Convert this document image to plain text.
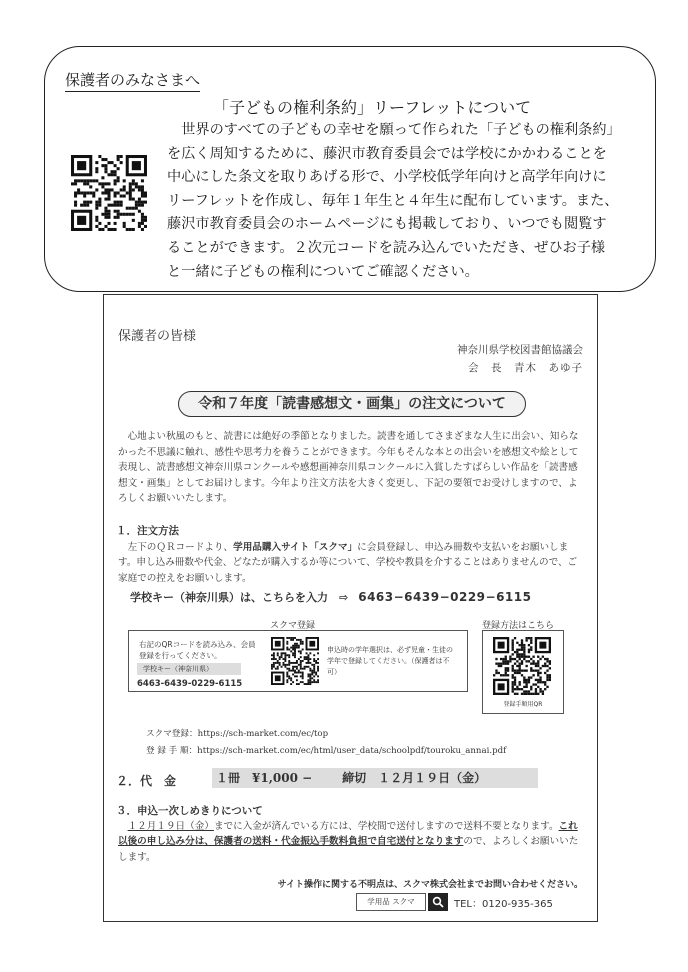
保護者のみなさまへ
「子どもの権利条約」リーフレットについて
世界のすべての子どもの幸せを願って作られた「子どもの権利条約」
を広く周知するために、藤沢市教育委員会では学校にかかわることを
中心にした条文を取りあげる形で、小学校低学年向けと高学年向けに
リーフレットを作成し、毎年１年生と４年生に配布しています。また、
藤沢市教育委員会のホームページにも掲載しており、いつでも閲覧す
ることができます。２次元コードを読み込んでいただき、ぜひお子様
と一緒に子どもの権利についてご確認ください。
保護者の皆様
神奈川県学校図書館協議会
会　長　青木　あゆ子
令和７年度「読書感想文・画集」の注文について
心地よい秋風のもと、読書には絶好の季節となりました。読書を通してさまざまな人生に出会い、知らなかった不思議に触れ、感性や思考力を養うことができます。今年もそんな本との出会いを感想文や絵として表現し、読書感想文神奈川県コンクールや感想画神奈川県コンクールに入賞したすばらしい作品を「読書感想文・画集」としてお届けします。今年より注文方法を大きく変更し、下記の要領でお受けしますので、よろしくお願いいたします。
１．注文方法
左下のＱＲコードより、学用品購入サイト「スクマ」に会員登録し、申込み冊数や支払いをお願いします。申し込み冊数や代金、どなたが購入するか等について、学校や教員を介することはありませんので、ご家庭での控えをお願いします。
学校キー（神奈川県）は、こちらを入力　⇨ 6463−6439−0229−6115
スクマ登録	登録方法はこちら
右記のQRコードを読み込み、会員登録を行ってください。
学校キー（神奈川県）
6463-6439-0229-6115
申込時の学年選択は、必ず児童・生徒の学年で登録してください。（保護者は不可）
登録手順用QR
スクマ登録：https://sch-market.com/ec/top
登 録 手 順：https://sch-market.com/ec/html/user_data/schoolpdf/touroku_annai.pdf
２．代　金	１冊　¥1,000 −	締切　１２月１９日（金）
３．申込一次しめきりについて
　１２月１９日（金）までに入金が済んでいる方には、学校間で送付しますので送料不要となります。これ以後の申し込み分は、保護者の送料・代金振込手数料負担で自宅送付となりますので、よろしくお願いいたします。
サイト操作に関する不明点は、スクマ株式会社までお問い合わせください。
学用品 スクマ	TEL：0120-935-365
